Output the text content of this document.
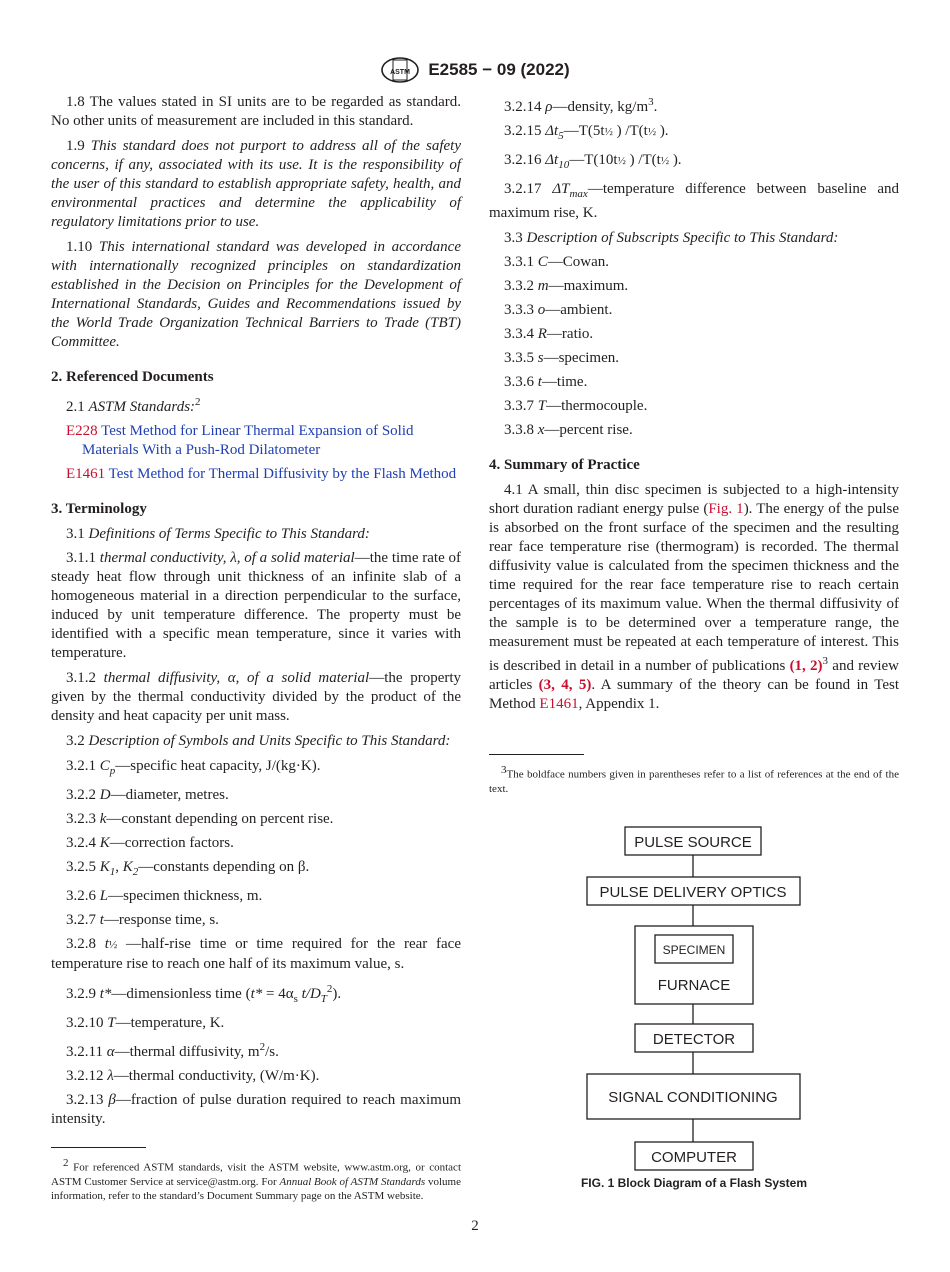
ASTM E2585 − 09 (2022)

1.8 The values stated in SI units are to be regarded as standard. No other units of measurement are included in this standard.

1.9 This standard does not purport to address all of the safety concerns, if any, associated with its use. It is the responsibility of the user of this standard to establish appropriate safety, health, and environmental practices and determine the applicability of regulatory limitations prior to use.

1.10 This international standard was developed in accordance with internationally recognized principles on standardization established in the Decision on Principles for the Development of International Standards, Guides and Recommendations issued by the World Trade Organization Technical Barriers to Trade (TBT) Committee.

2. Referenced Documents

2.1 ASTM Standards:$^2$

E228 Test Method for Linear Thermal Expansion of Solid Materials With a Push-Rod Dilatometer

E1461 Test Method for Thermal Diffusivity by the Flash Method

3. Terminology

3.1 Definitions of Terms Specific to This Standard:

3.1.1 thermal conductivity, λ, of a solid material—the time rate of steady heat flow through unit thickness of an infinite slab of a homogeneous material in a direction perpendicular to the surface, induced by unit temperature difference. The property must be identified with a specific mean temperature, since it varies with temperature.

3.1.2 thermal diffusivity, α, of a solid material—the property given by the thermal conductivity divided by the product of the density and heat capacity per unit mass.

3.2 Description of Symbols and Units Specific to This Standard:

3.2.1 $C_p—specific$ heat capacity, J/(kg·K).

3.2.2 D—diameter, metres.

3.2.3 k—constant depending on percent rise.

3.2.4 K—correction factors.

3.2.5 $K_1$, $K_2—constants$ depending on β.

3.2.6 L—specimen thickness, m.

3.2.7 t—response time, s.

3.2.8 t½ —half-rise time or time required for the rear face temperature rise to reach one half of its maximum value, s.

3.2.9 t*—dimensionless time ($t* = 4\alpha_s$ $t/D_T^2$).

3.2.10 T—temperature, K.

3.2.11 α—thermal diffusivity, $m^2/s$.

3.2.12 λ—thermal conductivity, (W/m·K).

3.2.13 β—fraction of pulse duration required to reach maximum intensity.

$^2$ For referenced ASTM standards, visit the ASTM website, www.astm.org, or contact ASTM Customer Service at service@astm.org. For Annual Book of ASTM Standards volume information, refer to the standard’s Document Summary page on the ASTM website.

3.2.14 ρ—density, $kg/m^3$.

3.2.15 $\Delta t_5—T(5t\frac{1}{2}$ ) /T(t½ ).

3.2.16 $\Delta t_{10}—T(10t\frac{1}{2}$ ) /T(t½ ).

3.2.17 $\Delta T_{max}—temperature$ difference between baseline and maximum rise, K.

3.3 Description of Subscripts Specific to This Standard:

3.3.1 C—Cowan.

3.3.2 m—maximum.

3.3.3 o—ambient.

3.3.4 R—ratio.

3.3.5 s—specimen.

3.3.6 t—time.

3.3.7 T—thermocouple.

3.3.8 x—percent rise.

4. Summary of Practice

4.1 A small, thin disc specimen is subjected to a high-intensity short duration radiant energy pulse (Fig. 1). The energy of the pulse is absorbed on the front surface of the specimen and the resulting rear face temperature rise (thermogram) is recorded. The thermal diffusivity value is calculated from the specimen thickness and the time required for the rear face temperature rise to reach certain percentages of its maximum value. When the thermal diffusivity of the sample is to be determined over a temperature range, the measurement must be repeated at each temperature of interest. This is described in detail in a number of publications (1, 2)$^3$ and review articles (3, 4, 5). A summary of the theory can be found in Test Method E1461, Appendix 1.

$^3$The boldface numbers given in parentheses refer to a list of references at the end of the text.

PULSE SOURCE
PULSE DELIVERY OPTICS
SPECIMEN
FURNACE
DETECTOR
SIGNAL CONDITIONING
COMPUTER
FIG. 1 Block Diagram of a Flash System
2
